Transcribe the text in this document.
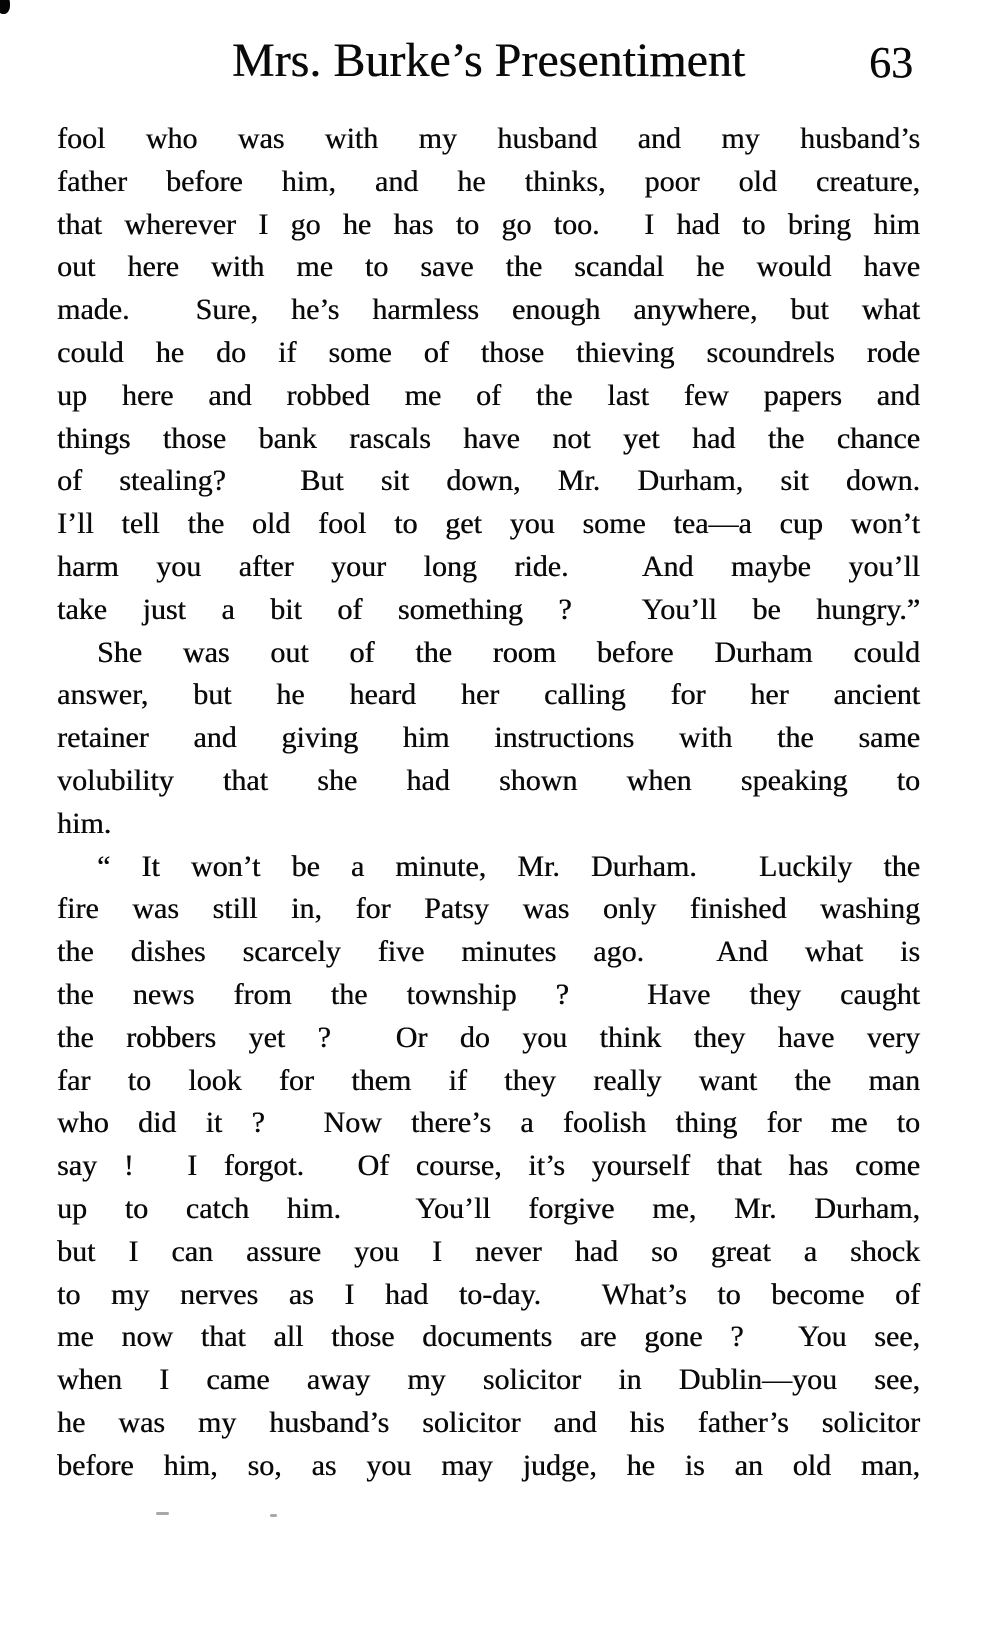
Mrs. Burke’s Presentiment	63
fool who was with my husband and my husband’s
father before him, and he thinks, poor old creature,
that wherever I go he has to go too.  I had to bring him
out here with me to save the scandal he would have
made.  Sure, he’s harmless enough anywhere, but what
could he do if some of those thieving scoundrels rode
up here and robbed me of the last few papers and
things those bank rascals have not yet had the chance
of stealing?  But sit down, Mr. Durham, sit down.
I’ll tell the old fool to get you some tea—a cup won’t
harm you after your long ride.  And maybe you’ll
take just a bit of something ?  You’ll be hungry.”
She was out of the room before Durham could
answer, but he heard her calling for her ancient
retainer and giving him instructions with the same
volubility that she had shown when speaking to
him.
“ It won’t be a minute, Mr. Durham.  Luckily the
fire was still in, for Patsy was only finished washing
the dishes scarcely five minutes ago.  And what is
the news from the township ?  Have they caught
the robbers yet ?  Or do you think they have very
far to look for them if they really want the man
who did it ?  Now there’s a foolish thing for me to
say !  I forgot.  Of course, it’s yourself that has come
up to catch him.  You’ll forgive me, Mr. Durham,
but I can assure you I never had so great a shock
to my nerves as I had to-day.  What’s to become of
me now that all those documents are gone ?  You see,
when I came away my solicitor in Dublin—you see,
he was my husband’s solicitor and his father’s solicitor
before him, so, as you may judge, he is an old man,
